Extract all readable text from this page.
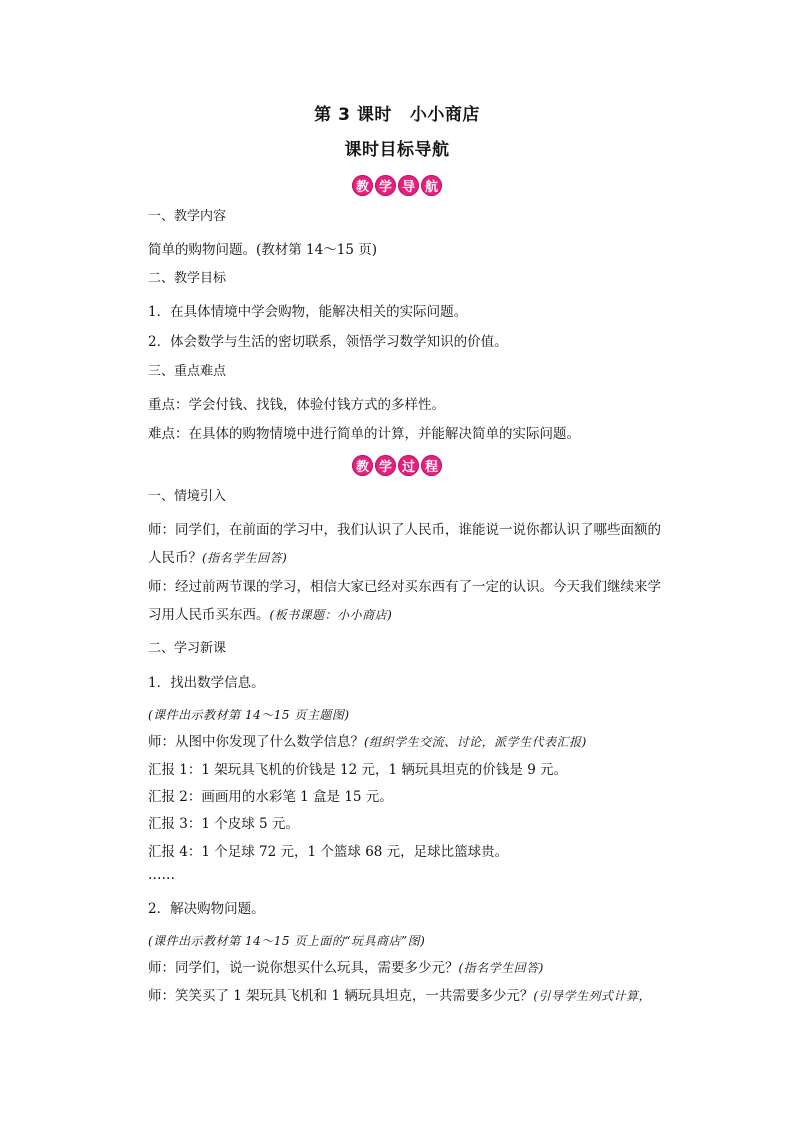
第 3 课时 小小商店
课时目标导航
教 学 导 航
一、教学内容
简单的购物问题。(教材第 14～15 页)
二、教学目标
1．在具体情境中学会购物，能解决相关的实际问题。
2．体会数学与生活的密切联系，领悟学习数学知识的价值。
三、重点难点
重点：学会付钱、找钱，体验付钱方式的多样性。
难点：在具体的购物情境中进行简单的计算，并能解决简单的实际问题。
教 学 过 程
一、情境引入
师：同学们，在前面的学习中，我们认识了人民币，谁能说一说你都认识了哪些面额的
人民币？(指名学生回答)
师：经过前两节课的学习，相信大家已经对买东西有了一定的认识。今天我们继续来学
习用人民币买东西。(板书课题：小小商店)
二、学习新课
1．找出数学信息。
(课件出示教材第 14～15 页主题图)
师：从图中你发现了什么数学信息？(组织学生交流、讨论，派学生代表汇报)
汇报 1：1 架玩具飞机的价钱是 12 元，1 辆玩具坦克的价钱是 9 元。
汇报 2：画画用的水彩笔 1 盒是 15 元。
汇报 3：1 个皮球 5 元。
汇报 4：1 个足球 72 元，1 个篮球 68 元，足球比篮球贵。
……
2．解决购物问题。
(课件出示教材第 14～15 页上面的“玩具商店”图)
师：同学们，说一说你想买什么玩具，需要多少元？(指名学生回答)
师：笑笑买了 1 架玩具飞机和 1 辆玩具坦克，一共需要多少元？(引导学生列式计算，
